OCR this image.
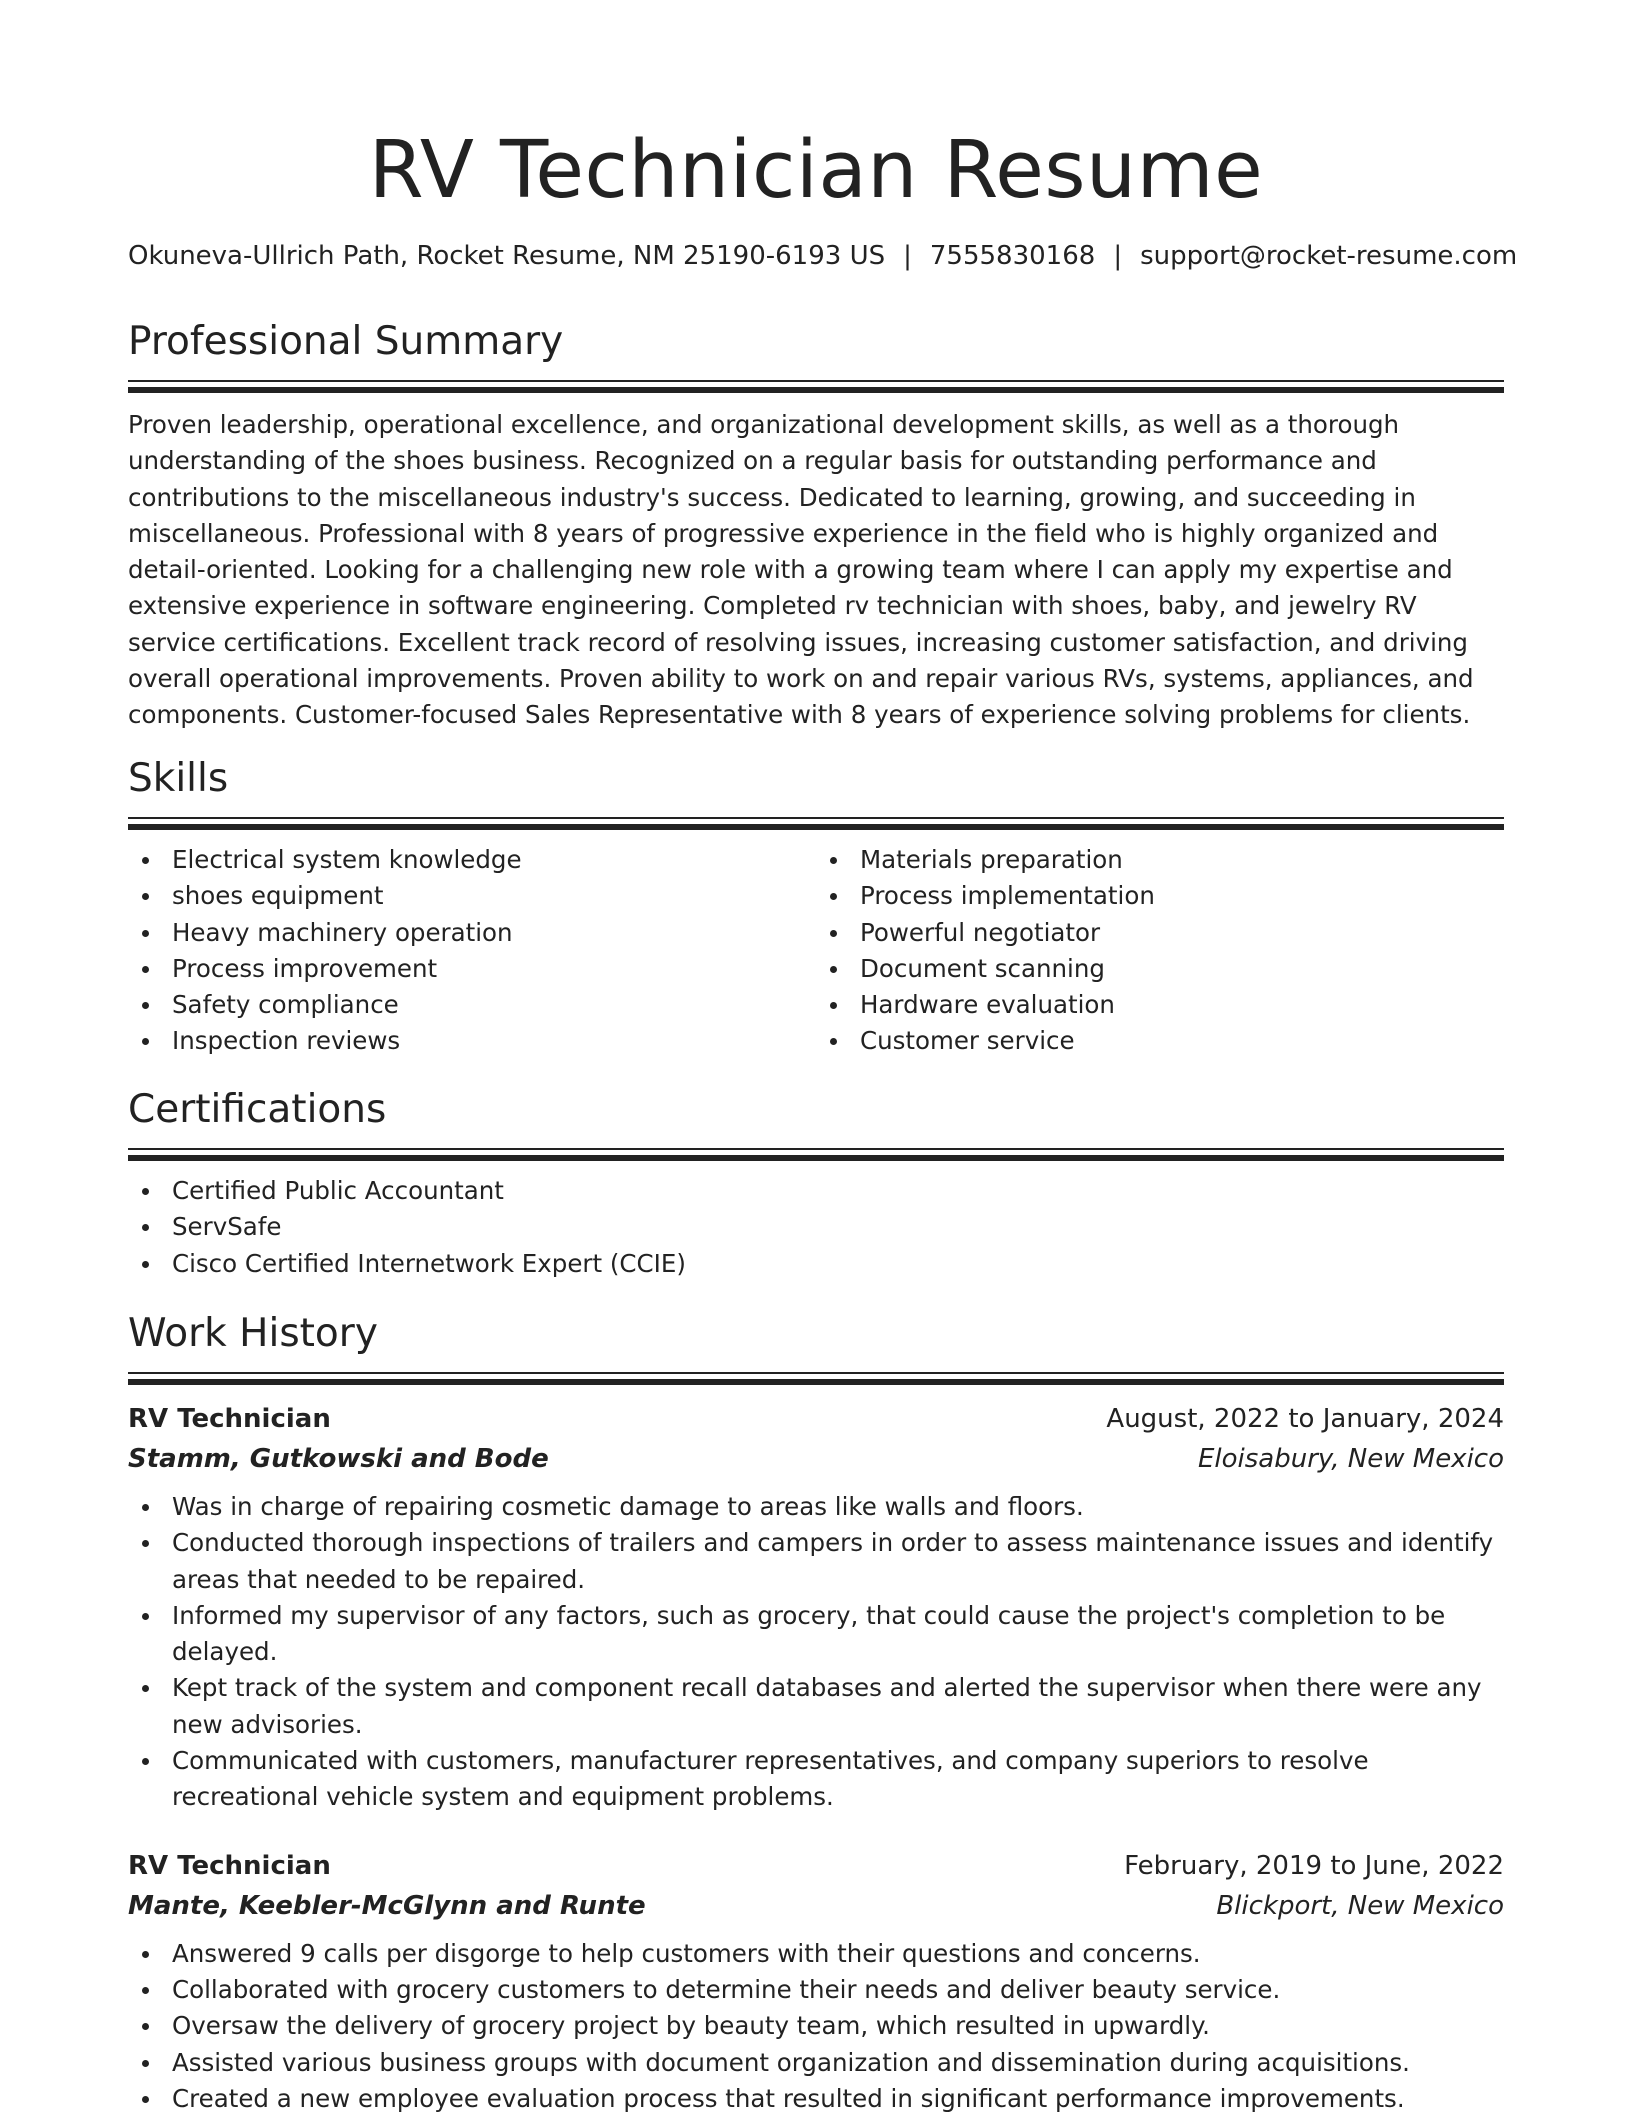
RV Technician Resume
Okuneva-Ullrich Path, Rocket Resume, NM 25190-6193 US | 7555830168 | support@rocket-resume.com
Professional Summary

Proven leadership, operational excellence, and organizational development skills, as well as a thorough understanding of the shoes business. Recognized on a regular basis for outstanding performance and contributions to the miscellaneous industry's success. Dedicated to learning, growing, and succeeding in miscellaneous. Professional with 8 years of progressive experience in the field who is highly organized and detail-oriented. Looking for a challenging new role with a growing team where I can apply my expertise and extensive experience in software engineering. Completed rv technician with shoes, baby, and jewelry RV service certifications. Excellent track record of resolving issues, increasing customer satisfaction, and driving overall operational improvements. Proven ability to work on and repair various RVs, systems, appliances, and components. Customer-focused Sales Representative with 8 years of experience solving problems for clients.

Skills
Electrical system knowledge
shoes equipment
Heavy machinery operation
Process improvement
Safety compliance
Inspection reviews
Materials preparation
Process implementation
Powerful negotiator
Document scanning
Hardware evaluation
Customer service
Certifications
Certified Public Accountant
ServSafe
Cisco Certified Internetwork Expert (CCIE)
Work History
RV Technician	August, 2022 to January, 2024
Stamm, Gutkowski and Bode	Eloisabury, New Mexico
Was in charge of repairing cosmetic damage to areas like walls and floors.
Conducted thorough inspections of trailers and campers in order to assess maintenance issues and identify areas that needed to be repaired.
Informed my supervisor of any factors, such as grocery, that could cause the project's completion to be delayed.
Kept track of the system and component recall databases and alerted the supervisor when there were any new advisories.
Communicated with customers, manufacturer representatives, and company superiors to resolve recreational vehicle system and equipment problems.
RV Technician	February, 2019 to June, 2022
Mante, Keebler-McGlynn and Runte	Blickport, New Mexico
Answered 9 calls per disgorge to help customers with their questions and concerns.
Collaborated with grocery customers to determine their needs and deliver beauty service.
Oversaw the delivery of grocery project by beauty team, which resulted in upwardly.
Assisted various business groups with document organization and dissemination during acquisitions.
Created a new employee evaluation process that resulted in significant performance improvements.
